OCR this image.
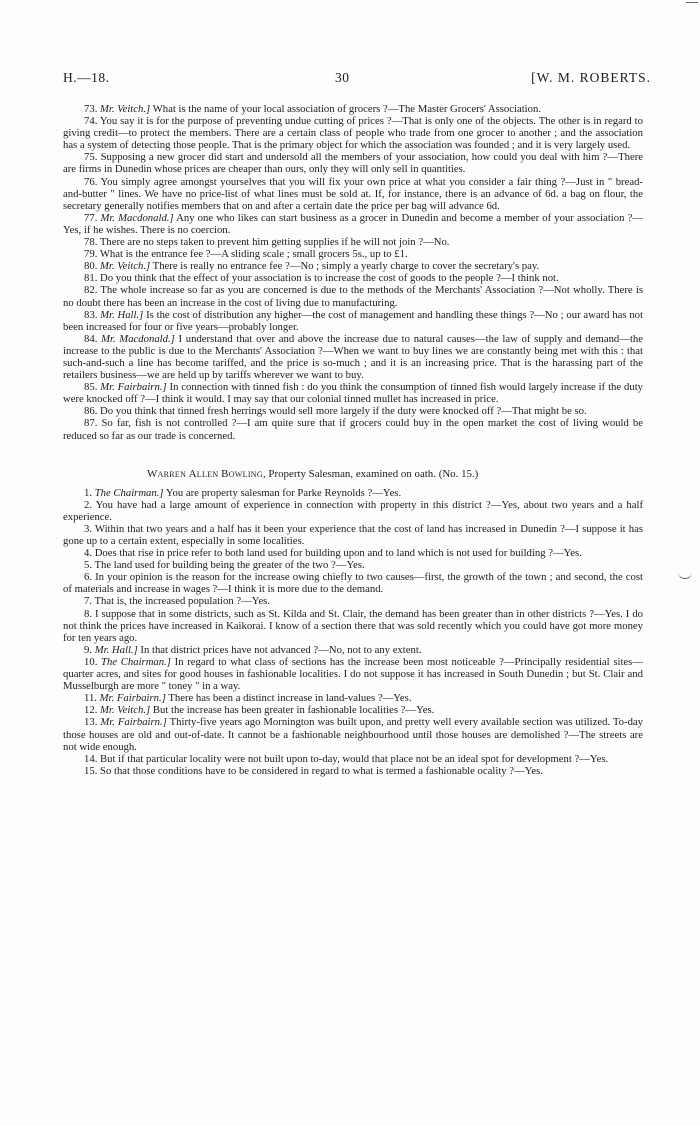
H.—18.	30	[W. M. ROBERTS.

73. Mr. Veitch.] What is the name of your local association of grocers ?—The Master Grocers' Association.

74. You say it is for the purpose of preventing undue cutting of prices ?—That is only one of the objects. The other is in regard to giving credit—to protect the members. There are a certain class of people who trade from one grocer to another ; and the association has a system of detecting those people. That is the primary object for which the association was founded ; and it is very largely used.

75. Supposing a new grocer did start and undersold all the members of your association, how could you deal with him ?—There are firms in Dunedin whose prices are cheaper than ours, only they will only sell in quantities.

76. You simply agree amongst yourselves that you will fix your own price at what you consider a fair thing ?—Just in " bread-and-butter " lines. We have no price-list of what lines must be sold at. If, for instance, there is an advance of 6d. a bag on flour, the secretary generally notifies members that on and after a certain date the price per bag will advance 6d.

77. Mr. Macdonald.] Any one who likes can start business as a grocer in Dunedin and become a member of your association ?—Yes, if he wishes. There is no coercion.

78. There are no steps taken to prevent him getting supplies if he will not join ?—No.

79. What is the entrance fee ?—A sliding scale ; small grocers 5s., up to £1.

80. Mr. Veitch.] There is really no entrance fee ?—No ; simply a yearly charge to cover the secretary's pay.

81. Do you think that the effect of your association is to increase the cost of goods to the people ?—I think not.

82. The whole increase so far as you are concerned is due to the methods of the Merchants' Association ?—Not wholly. There is no doubt there has been an increase in the cost of living due to manufacturing.

83. Mr. Hall.] Is the cost of distribution any higher—the cost of management and handling these things ?—No ; our award has not been increased for four or five years—probably longer.

84. Mr. Macdonald.] I understand that over and above the increase due to natural causes—the law of supply and demand—the increase to the public is due to the Merchants' Association ?—When we want to buy lines we are constantly being met with this : that such-and-such a line has become tariffed, and the price is so-much ; and it is an increasing price. That is the harassing part of the retailers business—we are held up by tariffs wherever we want to buy.

85. Mr. Fairbairn.] In connection with tinned fish : do you think the consumption of tinned fish would largely increase if the duty were knocked off ?—I think it would. I may say that our colonial tinned mullet has increased in price.

86. Do you think that tinned fresh herrings would sell more largely if the duty were knocked off ?—That might be so.

87. So far, fish is not controlled ?—I am quite sure that if grocers could buy in the open market the cost of living would be reduced so far as our trade is concerned.

Warren Allen Bowling, Property Salesman, examined on oath. (No. 15.)

1. The Chairman.] You are property salesman for Parke Reynolds ?—Yes.

2. You have had a large amount of experience in connection with property in this district ?—Yes, about two years and a half experience.

3. Within that two years and a half has it been your experience that the cost of land has increased in Dunedin ?—I suppose it has gone up to a certain extent, especially in some localities.

4. Does that rise in price refer to both land used for building upon and to land which is not used for building ?—Yes.

5. The land used for building being the greater of the two ?—Yes.

6. In your opinion is the reason for the increase owing chiefly to two causes—first, the growth of the town ; and second, the cost of materials and increase in wages ?—I think it is more due to the demand.

7. That is, the increased population ?—Yes.

8. I suppose that in some districts, such as St. Kilda and St. Clair, the demand has been greater than in other districts ?—Yes. I do not think the prices have increased in Kaikorai. I know of a section there that was sold recently which you could have got more money for ten years ago.

9. Mr. Hall.] In that district prices have not advanced ?—No, not to any extent.

10. The Chairman.] In regard to what class of sections has the increase been most noticeable ?—Principally residential sites—quarter acres, and sites for good houses in fashionable localities. I do not suppose it has increased in South Dunedin ; but St. Clair and Musselburgh are more " toney " in a way.

11. Mr. Fairbairn.] There has been a distinct increase in land-values ?—Yes.

12. Mr. Veitch.] But the increase has been greater in fashionable localities ?—Yes.

13. Mr. Fairbairn.] Thirty-five years ago Mornington was built upon, and pretty well every available section was utilized. To-day those houses are old and out-of-date. It cannot be a fashionable neighbourhood until those houses are demolished ?—The streets are not wide enough.

14. But if that particular locality were not built upon to-day, would that place not be an ideal spot for development ?—Yes.

15. So that those conditions have to be considered in regard to what is termed a fashionable ocality ?—Yes.
